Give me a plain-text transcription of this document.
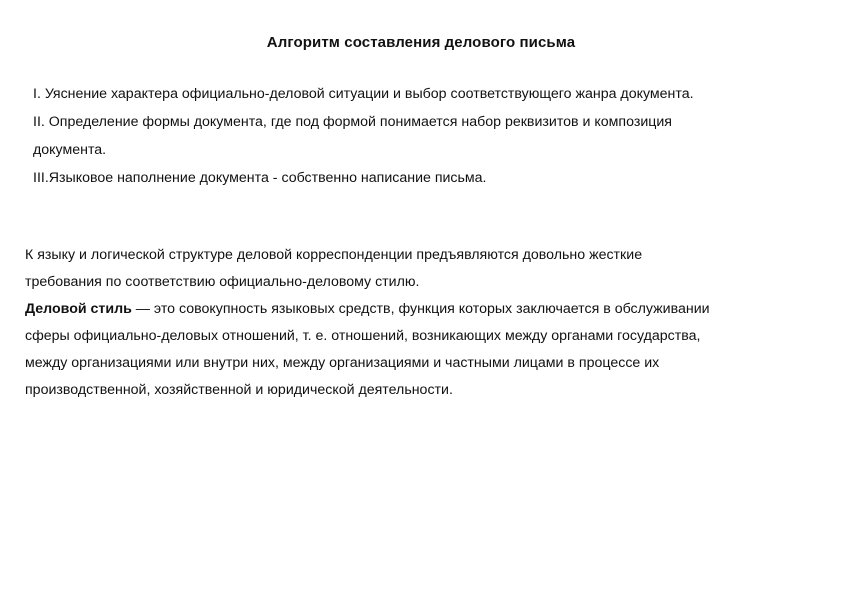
Алгоритм составления делового письма

I. Уяснение характера официально-деловой ситуации и выбор соответствующего жанра документа.

II. Определение формы документа, где под формой понимается набор реквизитов и композиция

документа.

III.Языковое наполнение документа - собственно написание письма.

К языку и логической структуре деловой корреспонденции предъявляются довольно жесткие

требования по соответствию официально-деловому стилю.

Деловой стиль — это совокупность языковых средств, функция которых заключается в обслуживании

сферы официально-деловых отношений, т. е. отношений, возникающих между органами государства,

между организациями или внутри них, между организациями и частными лицами в процессе их

производственной, хозяйственной и юридической деятельности.
